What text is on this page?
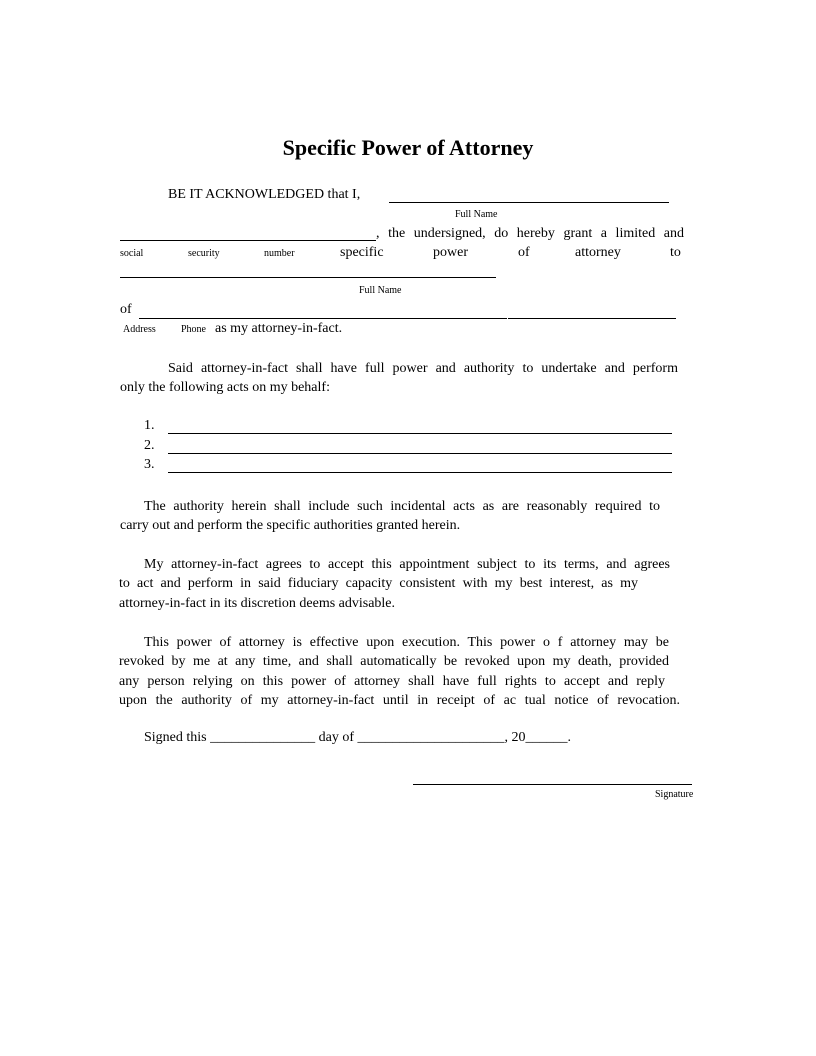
Specific Power of Attorney
BE IT ACKNOWLEDGED that I,
Full Name
, the undersigned, do hereby grant a limited and
social	security	number	specific	power	of	attorney	to
Full Name
of
Address	Phone as my attorney-in-fact.
Said attorney-in-fact shall have full power and authority to undertake and perform
only the following acts on my behalf:
1.
2.
3.
The authority herein shall include such incidental acts as are reasonably required to
carry out and perform the specific authorities granted herein.
My attorney-in-fact agrees to accept this appointment subject to its terms, and agrees
to act and perform in said fiduciary capacity consistent with my best interest, as my
attorney-in-fact in its discretion deems advisable.
This power of attorney is effective upon execution. This power o f attorney may be
revoked by me at any time, and shall automatically be revoked upon my death, provided
any person relying on this power of attorney shall have full rights to accept and reply
upon the authority of my attorney-in-fact until in receipt of ac tual notice of revocation.
Signed this _______________ day of _____________________, 20______.
Signature
